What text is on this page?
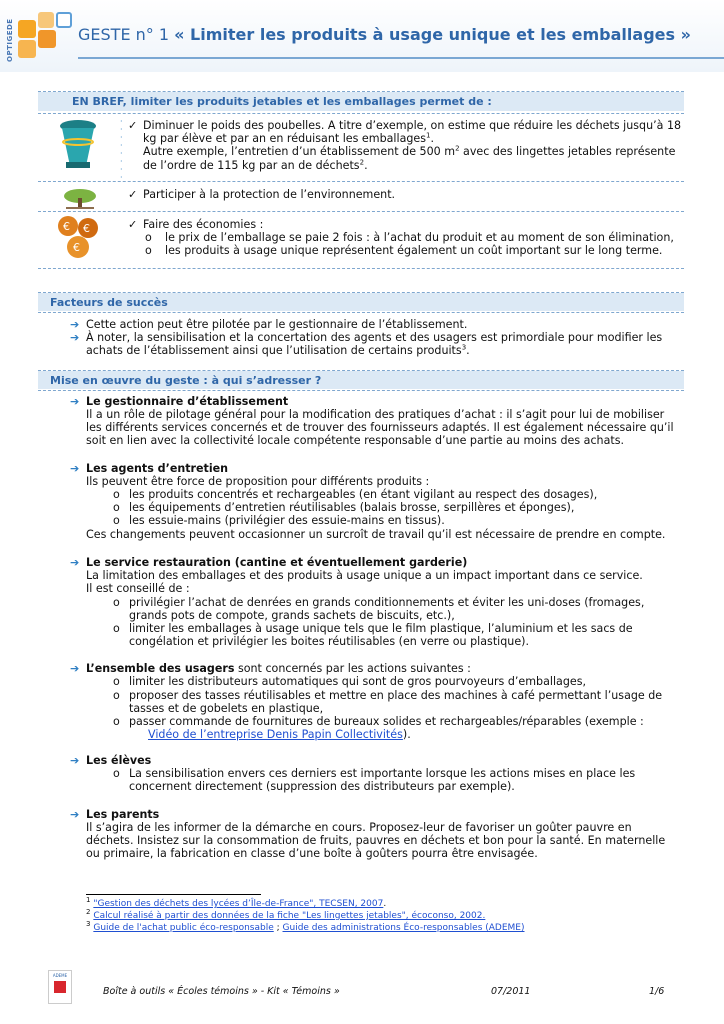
OPTIGEDE	GESTE n° 1 « Limiter les produits à usage unique et les emballages »
EN BREF, limiter les produits jetables et les emballages permet de :
·
·
·
·
·
·
·
·
✓ Diminuer le poids des poubelles. A titre d’exemple, on estime que réduire les déchets jusqu’à 18
kg par élève et par an en réduisant les emballages$^1$.
Autre exemple, l’entretien d’un établissement de 500 $m^2$ avec des lingettes jetables représente
de l’ordre de 115 kg par an de déchets$^2$.
✓ Participer à la protection de l’environnement.
€ €
€
✓ Faire des économies :
o le prix de l’emballage se paie 2 fois : à l’achat du produit et au moment de son élimination,
o les produits à usage unique représentent également un coût important sur le long terme.
Facteurs de succès
➔ Cette action peut être pilotée par le gestionnaire de l’établissement.
➔ À noter, la sensibilisation et la concertation des agents et des usagers est primordiale pour modifier les
achats de l’établissement ainsi que l’utilisation de certains produits$^3$.
Mise en œuvre du geste : à qui s’adresser ?
➔ Le gestionnaire d’établissement
Il a un rôle de pilotage général pour la modification des pratiques d’achat : il s’agit pour lui de mobiliser
les différents services concernés et de trouver des fournisseurs adaptés. Il est également nécessaire qu’il
soit en lien avec la collectivité locale compétente responsable d’une partie au moins des achats.
➔ Les agents d’entretien
Ils peuvent être force de proposition pour différents produits :
o les produits concentrés et rechargeables (en étant vigilant au respect des dosages),
o les équipements d’entretien réutilisables (balais brosse, serpillères et éponges),
o les essuie-mains (privilégier des essuie-mains en tissus).
Ces changements peuvent occasionner un surcroît de travail qu’il est nécessaire de prendre en compte.
➔ Le service restauration (cantine et éventuellement garderie)
La limitation des emballages et des produits à usage unique a un impact important dans ce service.
Il est conseillé de :
o privilégier l’achat de denrées en grands conditionnements et éviter les uni-doses (fromages,
grands pots de compote, grands sachets de biscuits, etc.),
o limiter les emballages à usage unique tels que le film plastique, l’aluminium et les sacs de
congélation et privilégier les boites réutilisables (en verre ou plastique).
➔ L’ensemble des usagers sont concernés par les actions suivantes :
o limiter les distributeurs automatiques qui sont de gros pourvoyeurs d’emballages,
o proposer des tasses réutilisables et mettre en place des machines à café permettant l’usage de
tasses et de gobelets en plastique,
o passer commande de fournitures de bureaux solides et rechargeables/réparables (exemple :
Vidéo de l’entreprise Denis Papin Collectivités).
➔ Les élèves
o La sensibilisation envers ces derniers est importante lorsque les actions mises en place les
concernent directement (suppression des distributeurs par exemple).
➔ Les parents
Il s’agira de les informer de la démarche en cours. Proposez-leur de favoriser un goûter pauvre en
déchets. Insistez sur la consommation de fruits, pauvres en déchets et bon pour la santé. En maternelle
ou primaire, la fabrication en classe d’une boîte à goûters pourra être envisagée.
$^1$ "Gestion des déchets des lycées d’Île-de-France", TECSEN, 2007.
$^2$ Calcul réalisé à partir des données de la fiche "Les lingettes jetables", écoconso, 2002.
$^3$ Guide de l'achat public éco-responsable ; Guide des administrations Éco-responsables (ADEME)
ADEME
Boîte à outils « Écoles témoins » - Kit « Témoins »	07/2011	1/6
